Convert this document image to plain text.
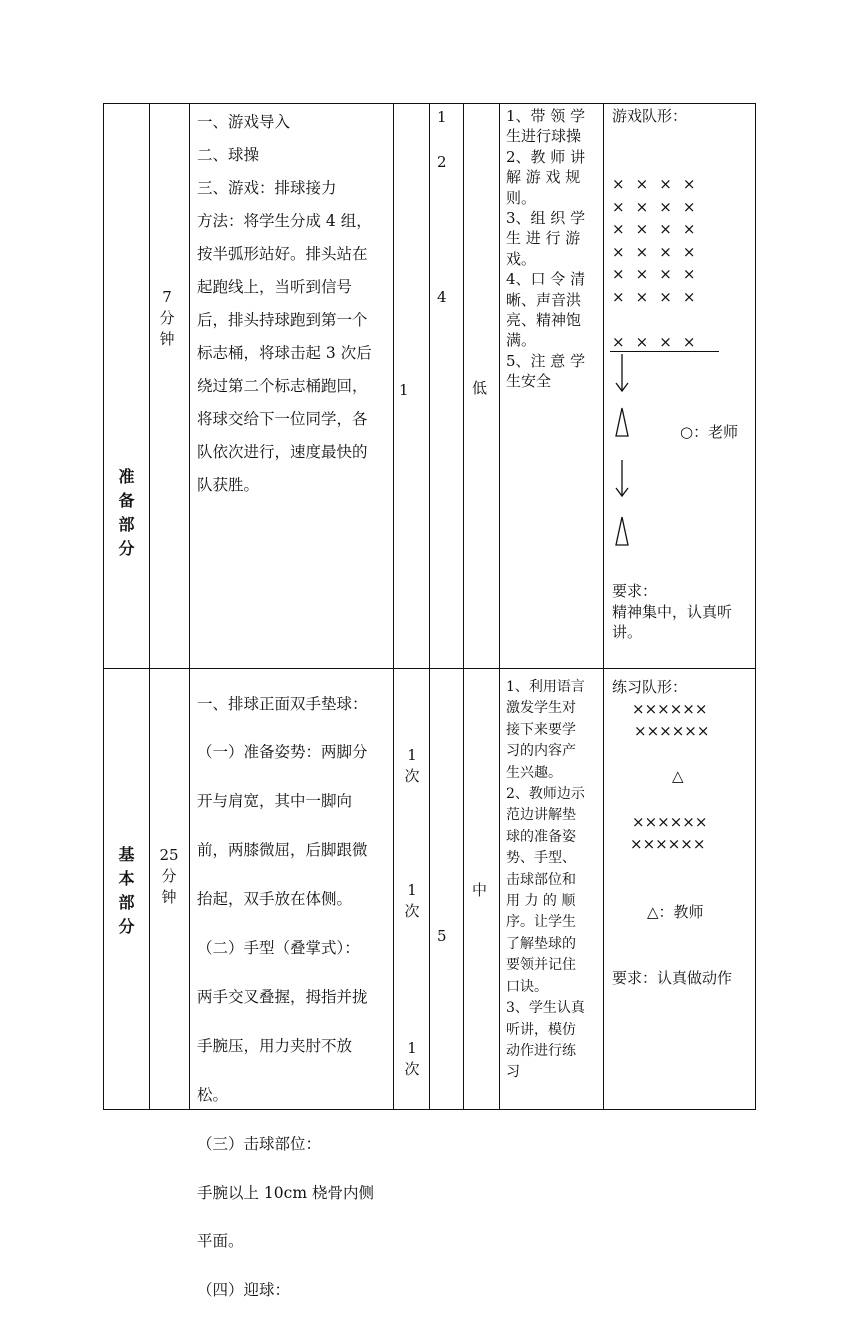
准
备
部
分
7
分
钟

一、游戏导入

二、球操

三、游戏：排球接力

方法：将学生分成 4 组，

按半弧形站好。排头站在

起跑线上，当听到信号

后，排头持球跑到第一个

标志桶，将球击起 3 次后

绕过第二个标志桶跑回，

将球交给下一位同学，各

队依次进行，速度最快的

队获胜。

1
1
2
4
低

1、带 领 学

生进行球操

2、教 师 讲

解 游 戏 规

则。

3、组 织 学

生 进 行 游

戏。

4、口 令 清

晰、声音洪

亮、精神饱

满。

5、注 意 学

生安全

游戏队形：
×  ×  ×  ×
×  ×  ×  ×
×  ×  ×  ×
×  ×  ×  ×
×  ×  ×  ×
×  ×  ×  ×
×  ×  ×  ×
○：老师
要求：
精神集中，认真听
讲。
基
本
部
分
25
分
钟

一、排球正面双手垫球：

（一）准备姿势：两脚分

开与肩宽，其中一脚向

前，两膝微屈，后脚跟微

抬起，双手放在体侧。

（二）手型（叠掌式）：

两手交叉叠握，拇指并拢

手腕压，用力夹肘不放

松。

（三）击球部位：

手腕以上 10cm 桡骨内侧

平面。

（四）迎球：

1
次
1
次
1
次
5
中

1、利用语言

激发学生对

接下来要学

习的内容产

生兴趣。

2、教师边示

范边讲解垫

球的准备姿

势、手型、

击球部位和

用 力 的 顺

序。让学生

了解垫球的

要领并记住

口诀。

3、学生认真

听讲，模仿

动作进行练

习

练习队形：
××××××
××××××
△
××××××
××××××
△：教师
要求：认真做动作
